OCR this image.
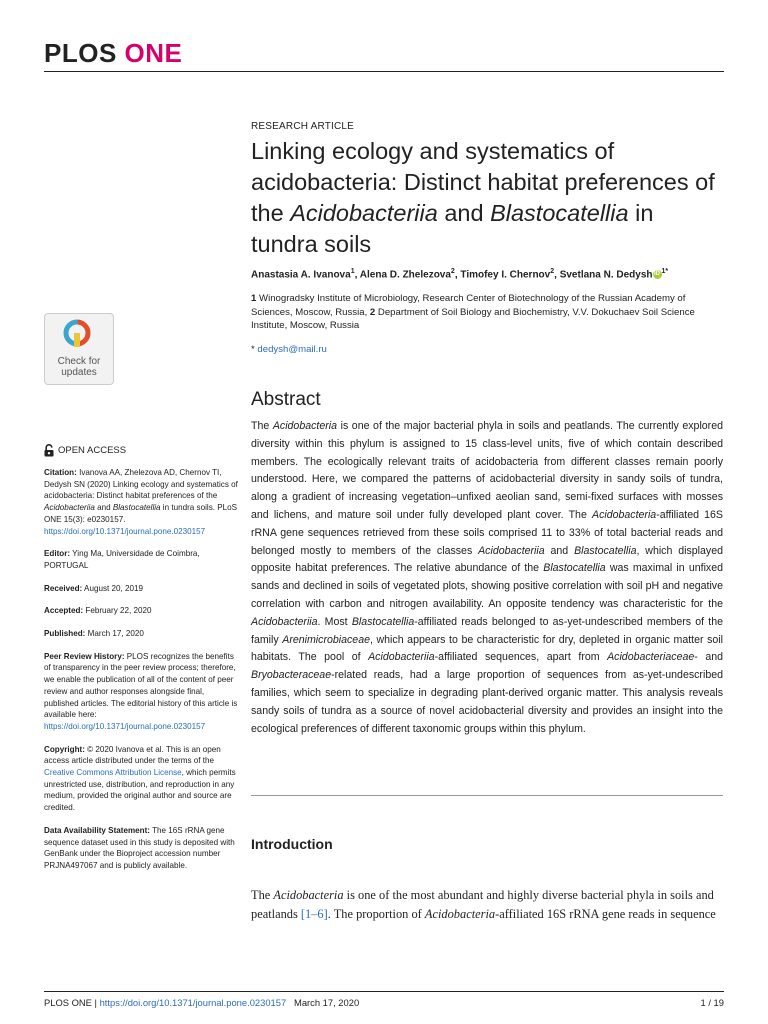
PLOS ONE
Check for
updates
RESEARCH ARTICLE
Linking ecology and systematics of acidobacteria: Distinct habitat preferences of the Acidobacteriia and Blastocatellia in tundra soils
Anastasia A. Ivanova$^1$, Alena D. Zhelezova$^2$, Timofey I. Chernov$^2$, Svetlana N. Dedysh iD $^{1*}$
1 Winogradsky Institute of Microbiology, Research Center of Biotechnology of the Russian Academy of Sciences, Moscow, Russia, 2 Department of Soil Biology and Biochemistry, V.V. Dokuchaev Soil Science Institute, Moscow, Russia
* dedysh@mail.ru
OPEN ACCESS
Citation: Ivanova AA, Zhelezova AD, Chernov TI, Dedysh SN (2020) Linking ecology and systematics of acidobacteria: Distinct habitat preferences of the Acidobacteriia and Blastocatellia in tundra soils. PLoS ONE 15(3): e0230157.
https://doi.org/10.1371/journal.pone.0230157
Editor: Ying Ma, Universidade de Coimbra, PORTUGAL
Received: August 20, 2019
Accepted: February 22, 2020
Published: March 17, 2020
Peer Review History: PLOS recognizes the benefits of transparency in the peer review process; therefore, we enable the publication of all of the content of peer review and author responses alongside final, published articles. The editorial history of this article is available here: https://doi.org/10.1371/journal.pone.0230157
Copyright: © 2020 Ivanova et al. This is an open access article distributed under the terms of the Creative Commons Attribution License, which permits unrestricted use, distribution, and reproduction in any medium, provided the original author and source are credited.
Data Availability Statement: The 16S rRNA gene sequence dataset used in this study is deposited with GenBank under the Bioproject accession number PRJNA497067 and is publicly available.
Abstract
The Acidobacteria is one of the major bacterial phyla in soils and peatlands. The currently explored diversity within this phylum is assigned to 15 class-level units, five of which contain described members. The ecologically relevant traits of acidobacteria from different classes remain poorly understood. Here, we compared the patterns of acidobacterial diversity in sandy soils of tundra, along a gradient of increasing vegetation–unfixed aeolian sand, semi-fixed surfaces with mosses and lichens, and mature soil under fully developed plant cover. The Acidobacteria-affiliated 16S rRNA gene sequences retrieved from these soils comprised 11 to 33% of total bacterial reads and belonged mostly to members of the classes Acidobacteriia and Blastocatellia, which displayed opposite habitat preferences. The relative abundance of the Blastocatellia was maximal in unfixed sands and declined in soils of vegetated plots, showing positive correlation with soil pH and negative correlation with carbon and nitrogen availability. An opposite tendency was characteristic for the Acidobacteriia. Most Blastocatellia-affiliated reads belonged to as-yet-undescribed members of the family Arenimicrobiaceae, which appears to be characteristic for dry, depleted in organic matter soil habitats. The pool of Acidobacteriia-affiliated sequences, apart from Acidobacteriaceae- and Bryobacteraceae-related reads, had a large proportion of sequences from as-yet-undescribed families, which seem to specialize in degrading plant-derived organic matter. This analysis reveals sandy soils of tundra as a source of novel acidobacterial diversity and provides an insight into the ecological preferences of different taxonomic groups within this phylum.
Introduction
The Acidobacteria is one of the most abundant and highly diverse bacterial phyla in soils and peatlands [1–6]. The proportion of Acidobacteria-affiliated 16S rRNA gene reads in sequence
PLOS ONE | https://doi.org/10.1371/journal.pone.0230157 March 17, 2020	1 / 19
